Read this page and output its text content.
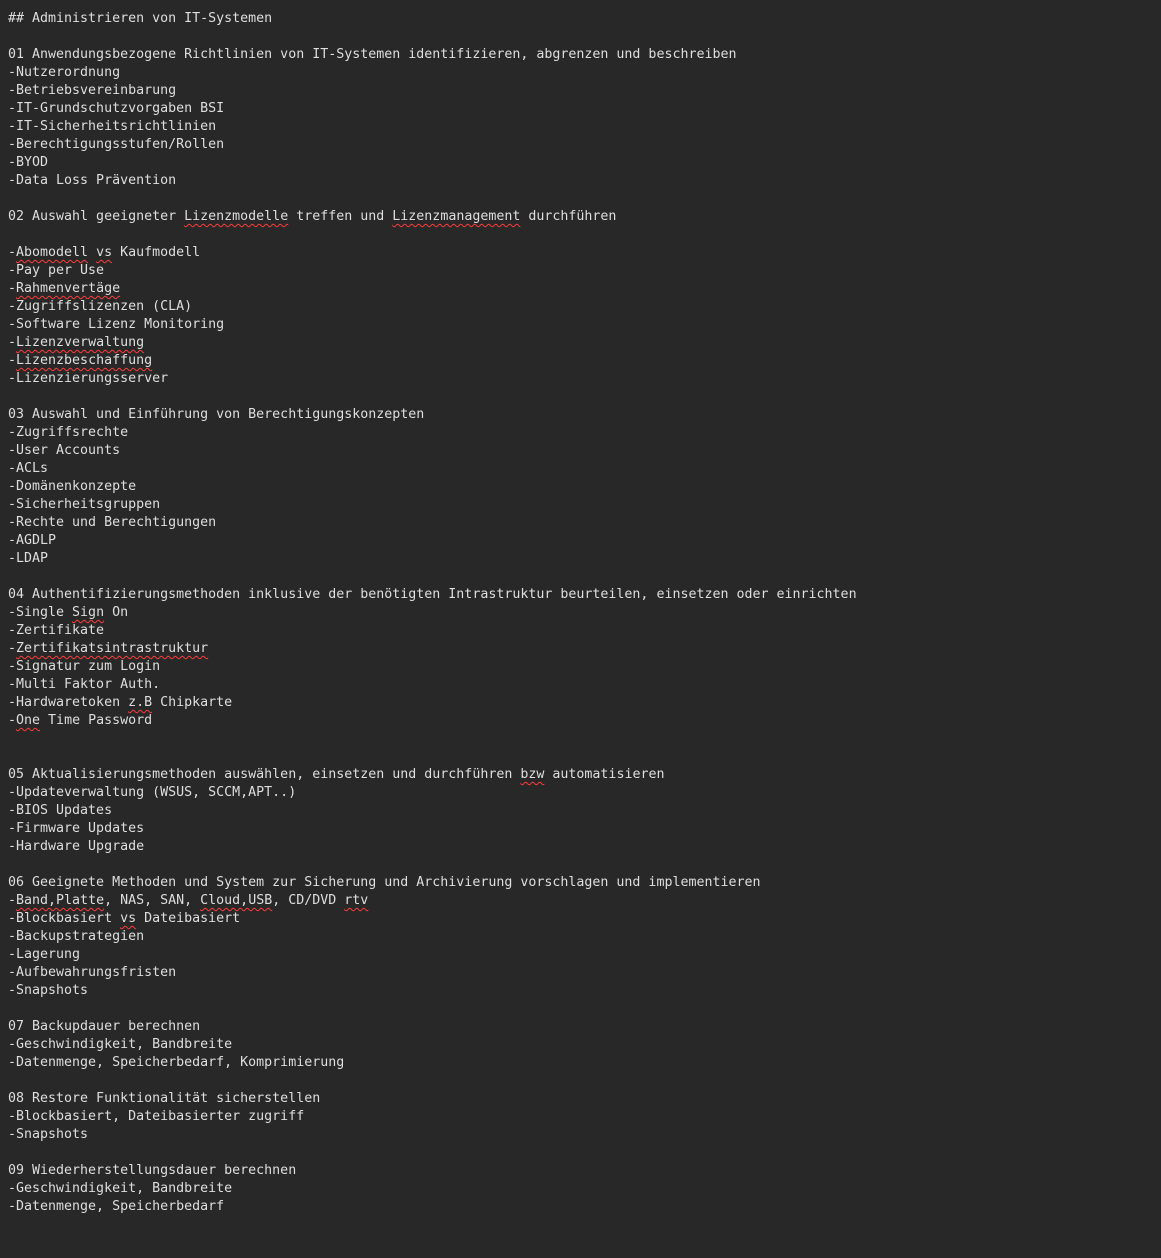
## Administrieren von IT-Systemen
01 Anwendungsbezogene Richtlinien von IT-Systemen identifizieren, abgrenzen und beschreiben
-Nutzerordnung
-Betriebsvereinbarung
-IT-Grundschutzvorgaben BSI
-IT-Sicherheitsrichtlinien
-Berechtigungsstufen/Rollen
-BYOD
-Data Loss Prävention
02 Auswahl geeigneter Lizenzmodelle treffen und Lizenzmanagement durchführen
-Abomodell vs Kaufmodell
-Pay per Use
-Rahmenvertäge
-Zugriffslizenzen (CLA)
-Software Lizenz Monitoring
-Lizenzverwaltung
-Lizenzbeschaffung
-Lizenzierungsserver
03 Auswahl und Einführung von Berechtigungskonzepten
-Zugriffsrechte
-User Accounts
-ACLs
-Domänenkonzepte
-Sicherheitsgruppen
-Rechte und Berechtigungen
-AGDLP
-LDAP
04 Authentifizierungsmethoden inklusive der benötigten Intrastruktur beurteilen, einsetzen oder einrichten
-Single Sign On
-Zertifikate
-Zertifikatsintrastruktur
-Signatur zum Login
-Multi Faktor Auth.
-Hardwaretoken z.B Chipkarte
-One Time Password
05 Aktualisierungsmethoden auswählen, einsetzen und durchführen bzw automatisieren
-Updateverwaltung (WSUS, SCCM,APT..)
-BIOS Updates
-Firmware Updates
-Hardware Upgrade
06 Geeignete Methoden und System zur Sicherung und Archivierung vorschlagen und implementieren
-Band,Platte, NAS, SAN, Cloud,USB, CD/DVD rtv
-Blockbasiert vs Dateibasiert
-Backupstrategien
-Lagerung
-Aufbewahrungsfristen
-Snapshots
07 Backupdauer berechnen
-Geschwindigkeit, Bandbreite
-Datenmenge, Speicherbedarf, Komprimierung
08 Restore Funktionalität sicherstellen
-Blockbasiert, Dateibasierter zugriff
-Snapshots
09 Wiederherstellungsdauer berechnen
-Geschwindigkeit, Bandbreite
-Datenmenge, Speicherbedarf
